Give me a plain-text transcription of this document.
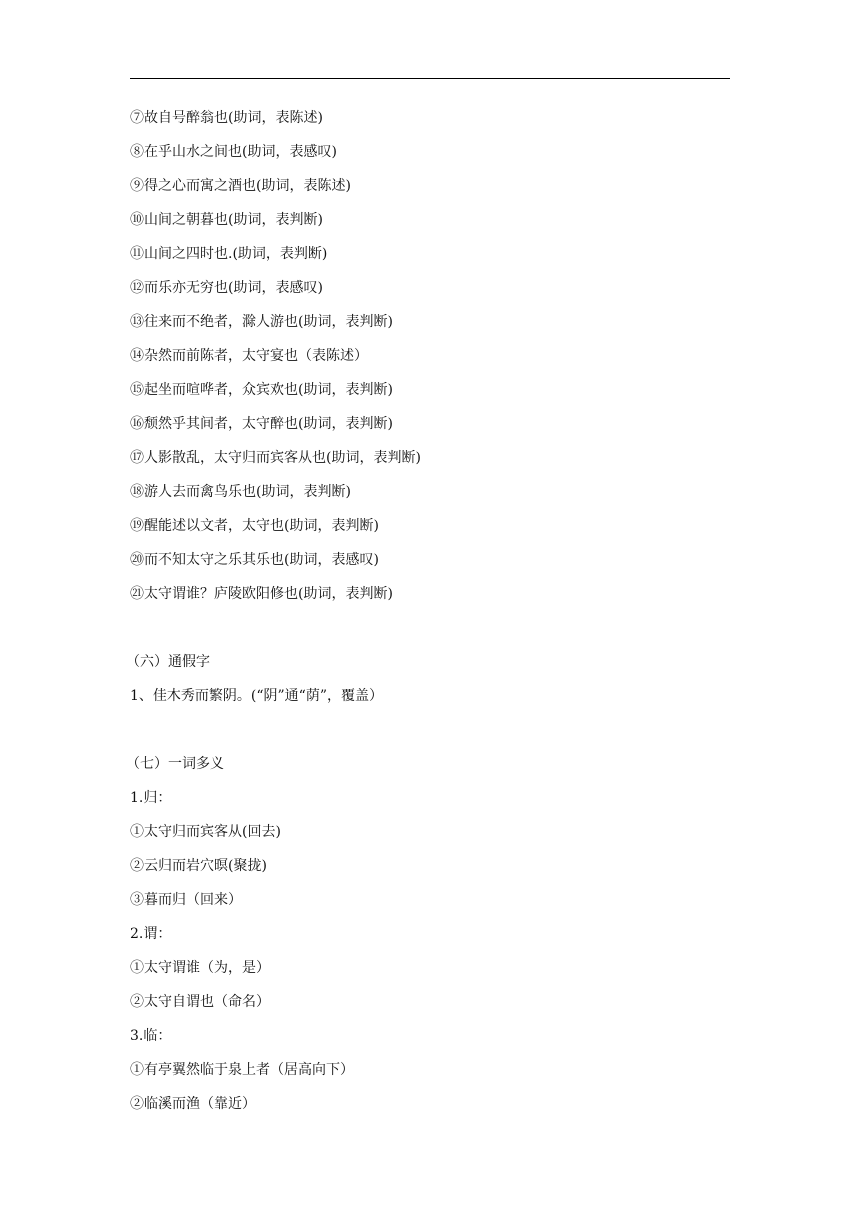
⑦故自号醉翁也(助词，表陈述)
⑧在乎山水之间也(助词，表感叹)
⑨得之心而寓之酒也(助词，表陈述)
⑩山间之朝暮也(助词，表判断)
⑪山间之四时也.(助词，表判断)
⑫而乐亦无穷也(助词，表感叹)
⑬往来而不绝者，滁人游也(助词，表判断)
⑭杂然而前陈者，太守宴也（表陈述）
⑮起坐而喧哗者，众宾欢也(助词，表判断)
⑯颓然乎其间者，太守醉也(助词，表判断)
⑰人影散乱，太守归而宾客从也(助词，表判断)
⑱游人去而禽鸟乐也(助词，表判断)
⑲醒能述以文者，太守也(助词，表判断)
⑳而不知太守之乐其乐也(助词，表感叹)
㉑太守谓谁？庐陵欧阳修也(助词，表判断)
（六）通假字
1、佳木秀而繁阴。(“阴”通“荫”，覆盖）
（七）一词多义
1.归：
①太守归而宾客从(回去)
②云归而岩穴暝(聚拢)
③暮而归（回来）
2.谓：
①太守谓谁（为，是）
②太守自谓也（命名）
3.临：
①有亭翼然临于泉上者（居高向下）
②临溪而渔（靠近）
